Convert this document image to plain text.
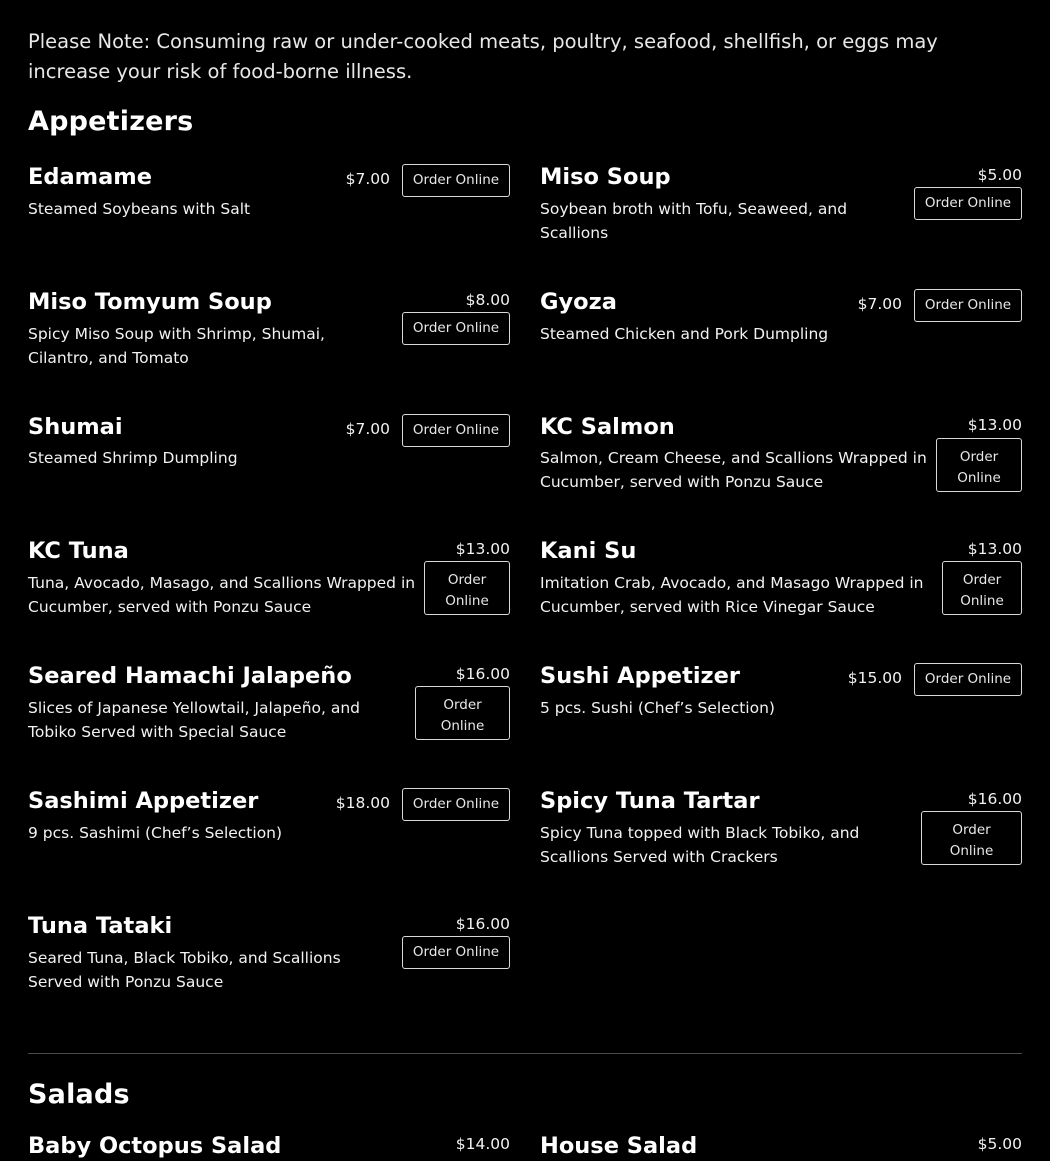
Please Note: Consuming raw or under-cooked meats, poultry, seafood, shellfish, or eggs may increase your risk of food-borne illness.

Appetizers
Edamame
Steamed Soybeans with Salt
$7.00	Order Online	Miso Soup
Soybean broth with Tofu, Seaweed, and Scallions
$5.00
Order Online
Miso Tomyum Soup
Spicy Miso Soup with Shrimp, Shumai, Cilantro, and Tomato
$8.00
Order Online
Gyoza
Steamed Chicken and Pork Dumpling
$7.00	Order Online
Shumai
Steamed Shrimp Dumpling
$7.00	Order Online	KC Salmon
Salmon, Cream Cheese, and Scallions Wrapped in Cucumber, served with Ponzu Sauce
$13.00
Order
Online
KC Tuna
Tuna, Avocado, Masago, and Scallions Wrapped in Cucumber, served with Ponzu Sauce
$13.00
Order
Online
Kani Su
Imitation Crab, Avocado, and Masago Wrapped in Cucumber, served with Rice Vinegar Sauce
$13.00
Order
Online
Seared Hamachi Jalapeño
Slices of Japanese Yellowtail, Jalapeño, and Tobiko Served with Special Sauce
$16.00
Order
Online
Sushi Appetizer
5 pcs. Sushi (Chef’s Selection)
$15.00	Order Online
Sashimi Appetizer
9 pcs. Sashimi (Chef’s Selection)
$18.00	Order Online	Spicy Tuna Tartar
Spicy Tuna topped with Black Tobiko, and Scallions Served with Crackers
$16.00
Order
Online
Tuna Tataki
Seared Tuna, Black Tobiko, and Scallions Served with Ponzu Sauce
$16.00
Order Online
Salads
Baby Octopus Salad	$14.00 House Salad	$5.00
